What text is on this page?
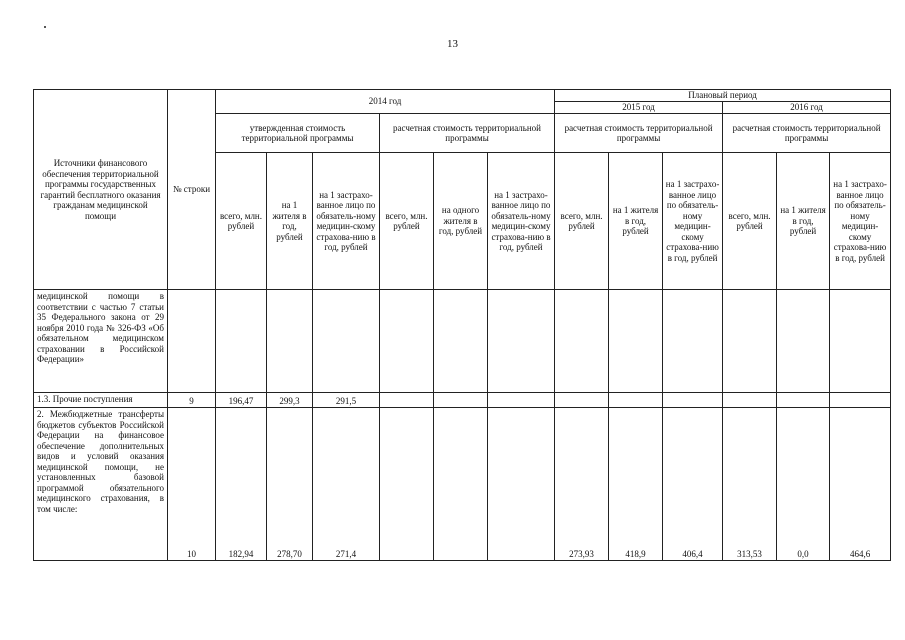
13
Источники финансового обеспечения территориальной программы государственных гарантий бесплатного оказания гражданам медицинской помощи	№ строки	2014 год						Плановый период					
								2015 год			2016 год		
		утвержденная стоимость территориальной программы			расчетная стоимость территориальной программы			расчетная стоимость территориальной программы			расчетная стоимость территориальной программы		
		всего, млн. рублей	на 1 жителя в год, рублей	на 1 застрахо-ванное лицо по обязатель-ному медицин-скому страхова-нию в год, рублей	всего, млн. рублей	на одного жителя в год, рублей	на 1 застрахо-ванное лицо по обязатель-ному медицин-скому страхова-нию в год, рублей	всего, млн. рублей	на 1 жителя в год, рублей	на 1 застрахо-ванное лицо по обязатель-ному медицин-скому страхова-нию в год, рублей	всего, млн. рублей	на 1 жителя в год, рублей	на 1 застрахо-ванное лицо по обязатель-ному медицин-скому страхова-нию в год, рублей
медицинской помощи в соответствии с частью 7 статьи 35 Федерального закона от 29 ноября 2010 года № 326-ФЗ «Об обязательном медицинском страховании в Российской Федерации»													
1.3. Прочие поступления	9	196,47	299,3	291,5									
2. Межбюджетные трансферты бюджетов субъектов Российской Федерации на финансовое обеспечение дополнительных видов и условий оказания медицинской помощи, не установленных базовой программой обязательного медицинского страхования, в том числе:	10	182,94	278,70	271,4				273,93	418,9	406,4	313,53	0,0	464,6
